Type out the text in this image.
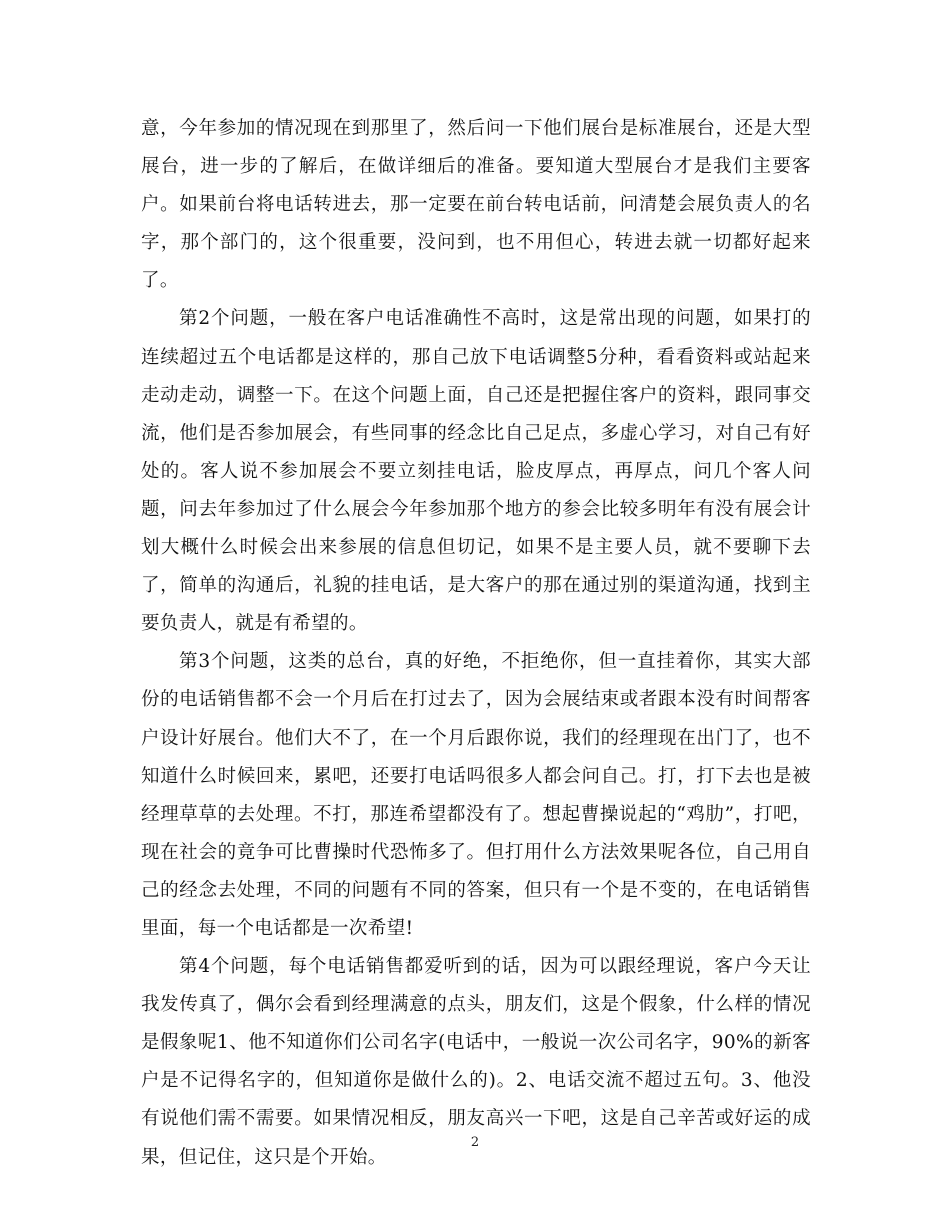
意，今年参加的情况现在到那里了，然后问一下他们展台是标准展台，还是大型展台，进一步的了解后，在做详细后的准备。要知道大型展台才是我们主要客户。如果前台将电话转进去，那一定要在前台转电话前，问清楚会展负责人的名字，那个部门的，这个很重要，没问到，也不用但心，转进去就一切都好起来了。

第2个问题，一般在客户电话准确性不高时，这是常出现的问题，如果打的连续超过五个电话都是这样的，那自己放下电话调整5分种，看看资料或站起来走动走动，调整一下。在这个问题上面，自己还是把握住客户的资料，跟同事交流，他们是否参加展会，有些同事的经念比自己足点，多虚心学习，对自己有好处的。客人说不参加展会不要立刻挂电话，脸皮厚点，再厚点，问几个客人问题，问去年参加过了什么展会今年参加那个地方的参会比较多明年有没有展会计划大概什么时候会出来参展的信息但切记，如果不是主要人员，就不要聊下去了，简单的沟通后，礼貌的挂电话，是大客户的那在通过别的渠道沟通，找到主要负责人，就是有希望的。

第3个问题，这类的总台，真的好绝，不拒绝你，但一直挂着你，其实大部份的电话销售都不会一个月后在打过去了，因为会展结束或者跟本没有时间帮客户设计好展台。他们大不了，在一个月后跟你说，我们的经理现在出门了，也不知道什么时候回来，累吧，还要打电话吗很多人都会问自己。打，打下去也是被经理草草的去处理。不打，那连希望都没有了。想起曹操说起的“鸡肋”，打吧，现在社会的竟争可比曹操时代恐怖多了。但打用什么方法效果呢各位，自己用自己的经念去处理，不同的问题有不同的答案，但只有一个是不变的，在电话销售里面，每一个电话都是一次希望!

第4个问题，每个电话销售都爱听到的话，因为可以跟经理说，客户今天让我发传真了，偶尔会看到经理满意的点头，朋友们，这是个假象，什么样的情况是假象呢1、他不知道你们公司名字(电话中，一般说一次公司名字，90%的新客户是不记得名字的，但知道你是做什么的)。2、电话交流不超过五句。3、他没有说他们需不需要。如果情况相反，朋友高兴一下吧，这是自己辛苦或好运的成果，但记住，这只是个开始。

2
